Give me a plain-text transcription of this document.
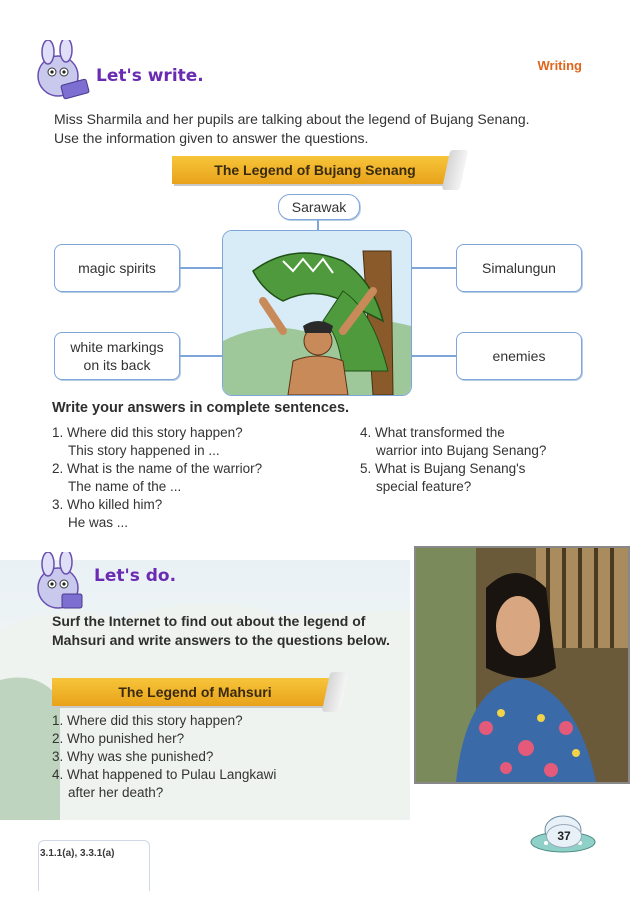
Writing
Let's write.
Miss Sharmila and her pupils are talking about the legend of Bujang Senang. Use the information given to answer the questions.
The Legend of Bujang Senang
Sarawak
magic spirits
white markings
on its back
Simalungun
enemies
Write your answers in complete sentences.
1. Where did this story happen?
This story happened in ...
2. What is the name of the warrior?
The name of the ...
3. Who killed him?
He was ...
4. What transformed the
warrior into Bujang Senang?
5. What is Bujang Senang's
special feature?
Let's do.
Surf the Internet to find out about the legend of Mahsuri and write answers to the questions below.
The Legend of Mahsuri
1. Where did this story happen?
2. Who punished her?
3. Why was she punished?
4. What happened to Pulau Langkawi
after her death?
37
3.1.1(a), 3.3.1(a)
